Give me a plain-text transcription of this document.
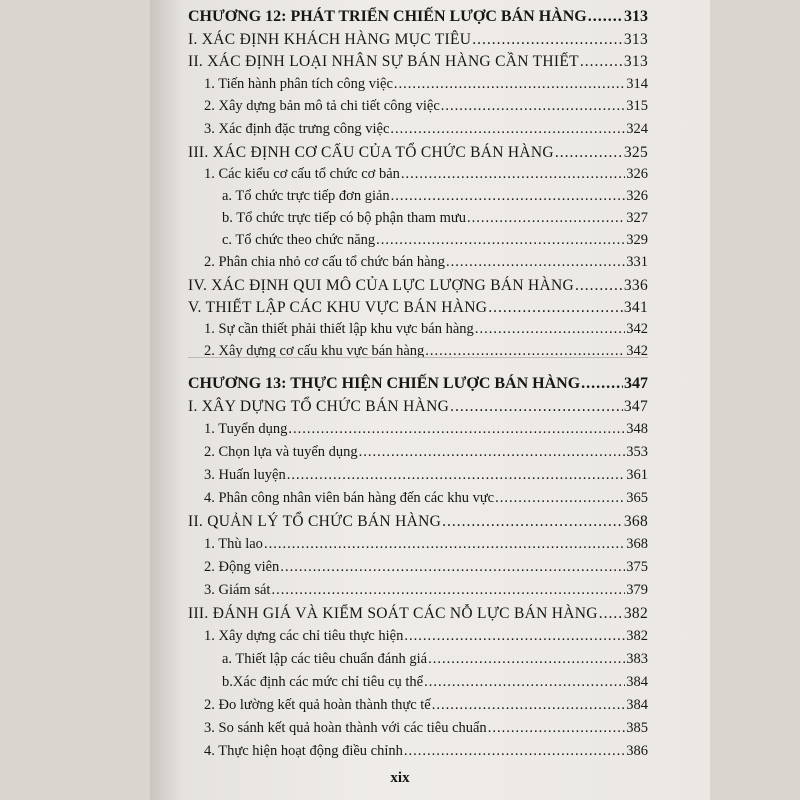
CHƯƠNG 12: PHÁT TRIỂN CHIẾN LƯỢC BÁN HÀNG ..... 313
I. XÁC ĐỊNH KHÁCH HÀNG MỤC TIÊU .....	313
II. XÁC ĐỊNH LOẠI NHÂN SỰ BÁN HÀNG CẦN THIẾT .....	313
1. Tiến hành phân tích công việc .....	314
2. Xây dựng bản mô tả chi tiết công việc .....	315
3. Xác định đặc trưng công việc .....	324
III. XÁC ĐỊNH CƠ CẤU CỦA TỔ CHỨC BÁN HÀNG .....	325
1. Các kiểu cơ cấu tổ chức cơ bản .....	326
a. Tổ chức trực tiếp đơn giản .....	326
b. Tổ chức trực tiếp có bộ phận tham mưu .....	327
c. Tổ chức theo chức năng .....	329
2. Phân chia nhỏ cơ cấu tổ chức bán hàng .....	331
IV. XÁC ĐỊNH QUI MÔ CỦA LỰC LƯỢNG BÁN HÀNG .....	336
V. THIẾT LẬP CÁC KHU VỰC BÁN HÀNG .....	341
1. Sự cần thiết phải thiết lập khu vực bán hàng .....	342
2. Xây dựng cơ cấu khu vực bán hàng .....	342
CHƯƠNG 13: THỰC HIỆN CHIẾN LƯỢC BÁN HÀNG .....	347
I. XÂY DỰNG TỔ CHỨC BÁN HÀNG .....	347
1. Tuyển dụng .....	348
2. Chọn lựa và tuyển dụng .....	353
3. Huấn luyện .....	361
4. Phân công nhân viên bán hàng đến các khu vực .....	365
II. QUẢN LÝ TỔ CHỨC BÁN HÀNG .....	368
1. Thù lao .....	368
2. Động viên .....	375
3. Giám sát .....	379
III. ĐÁNH GIÁ VÀ KIỂM SOÁT CÁC NỖ LỰC BÁN HÀNG ..... 382
1. Xây dựng các chỉ tiêu thực hiện .....	382
a. Thiết lập các tiêu chuẩn đánh giá .....	383
b.Xác định các mức chỉ tiêu cụ thể .....	384
2. Đo lường kết quả hoàn thành thực tế .....	384
3. So sánh kết quả hoàn thành với các tiêu chuẩn .....	385
4. Thực hiện hoạt động điều chỉnh .....	386
xix
